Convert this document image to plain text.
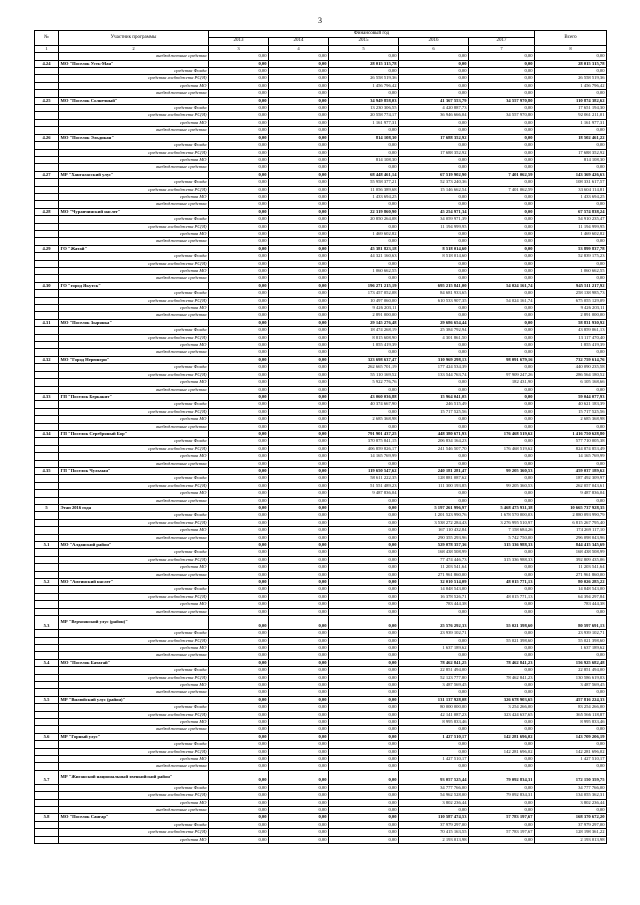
3
№	Участник программы	Финансовый год					Всего
		2013	2014	2015	2016	2017	
1	2	3	4	5	6	7	8
	внебюджетные средства	0,00	0,00	0,00	0,00	0,00	0,00
4.24	МО "Поселок Усть-Мая"	0,00	0,00	28 015 315,78	0,00	0,00	28 015 315,78
	средства Фонда	0,00	0,00	0,00	0,00	0,00	0,00
	средства госбюджета РС(Я)	0,00	0,00	26 558 519,36	0,00	0,00	26 558 519,36
	средства МО	0,00	0,00	1 456 796,42	0,00	0,00	1 456 796,42
	внебюджетные средства	0,00	0,00	0,00	0,00	0,00	0,00
4.25	МО "Поселок Солнечный"	0,00	0,00	34 949 858,03	41 367 553,79	34 557 970,80	110 874 382,62
	средства Фонда	0,00	0,00	13 230 306,55	4 420 887,73	0,00	17 651 194,30
	средства госбюджета РС(Я)	0,00	0,00	20 558 774,17	36 946 666,04	34 557 970,80	92 061 211,01
	средства МО	0,00	0,00	1 161 977,31	0,00	0,00	1 161 977,31
	внебюджетные средства	0,00	0,00	0,00	0,00	0,00	0,00
4.26	МО "Поселок Эльдикан"	0,00	0,00	814 108,30	17 688 352,92	0,00	18 502 461,22
	средства Фонда	0,00	0,00	0,00	0,00	0,00	0,00
	средства госбюджета РС(Я)	0,00	0,00	0,00	17 688 352,92	0,00	17 688 352,92
	средства МО	0,00	0,00	814 108,30	0,00	0,00	814 108,30
	внебюджетные средства	0,00	0,00	0,00	0,00	0,00	0,00
4.27	МР "Хангаласский улус"	0,00	0,00	68 448 461,14	67 519 902,90	7 401 062,59	143 369 426,63
	средства Фонда	0,00	0,00	55 958 377,21	52 373 240,36	0,00	108 331 617,57
	средства госбюджета РС(Я)	0,00	0,00	11 056 389,68	15 146 662,54	7 401 062,59	33 604 114,81
	средства МО	0,00	0,00	1 433 694,25	0,00	0,00	1 433 694,25
	внебюджетные средства	0,00	0,00	0,00	0,00	0,00	0,00
4.28	МО "Чурапчинский наслег"	0,00	0,00	22 319 860,90	45 254 971,34	0,00	67 574 838,24
	средства Фонда	0,00	0,00	20 850 264,08	34 059 971,39	0,00	54 910 235,47
	средства госбюджета РС(Я)	0,00	0,00	0,00	11 194 999,95	0,00	11 194 999,95
	средства МО	0,00	0,00	1 469 602,82	0,00	0,00	1 469 602,82
	внебюджетные средства	0,00	0,00	0,00	0,00	0,00	0,00
4.29	ГО "Жатай"	0,00	0,00	45 381 823,18	8 518 014,60	0,00	53 899 837,78
	средства Фонда	0,00	0,00	44 321 160,63	8 518 014,60	0,00	52 839 175,23
	средства госбюджета РС(Я)	0,00	0,00	0,00	0,00	0,00	0,00
	средства МО	0,00	0,00	1 060 662,55	0,00	0,00	1 060 662,55
	внебюджетные средства	0,00	0,00	0,00	0,00	0,00	0,00
4.30	ГО "город Якутск"	0,00	0,00	196 271 215,19	695 215 841,00	54 024 161,74	945 511 217,92
	средства Фонда	0,00	0,00	173 457 052,08	84 681 933,65	0,00	258 138 985,73
	средства госбюджета РС(Я)	0,00	0,00	10 497 060,00	610 533 907,35	54 024 161,74	675 055 129,09
	средства МО	0,00	0,00	9 426 203,11	0,00	0,00	9 426 203,11
	внебюджетные средства	0,00	0,00	2 891 000,00	0,00	0,00	2 891 000,00
4.31	МО "Поселок Зырянка"	0,00	0,00	29 145 276,48	29 686 654,44	0,00	58 831 930,92
	средства Фонда	0,00	0,00	18 474 268,19	25 384 792,94	0,00	43 859 061,13
	средства госбюджета РС(Я)	0,00	0,00	8 815 608,90	4 301 861,50	0,00	13 117 470,40
	средства МО	0,00	0,00	1 855 419,39	0,00	0,00	1 855 419,39
	внебюджетные средства	0,00	0,00	0,00	0,00	0,00	0,00
4.32	МО "Город Нерюнгри"	0,00	0,00	323 698 637,47	310 969 298,13	98 091 679,16	732 759 614,76
	средства Фонда	0,00	0,00	262 665 701,19	177 424 534,39	0,00	440 090 235,58
	средства госбюджета РС(Я)	0,00	0,00	55 110 169,52	133 544 763,74	97 909 247,26	286 564 180,52
	средства МО	0,00	0,00	5 922 776,76	0,00	182 431,90	6 105 168,66
	внебюджетные средства	0,00	0,00	0,00	0,00	0,00	0,00
4.33	ГП "Поселок Беркакит"	0,00	0,00	43 060 036,88	15 964 041,05	0,00	59 044 077,93
	средства Фонда	0,00	0,00	40 374 667,90	246 515,49	0,00	40 621 183,39
	средства госбюджета РС(Я)	0,00	0,00	0,00	15 717 525,56	0,00	15 717 525,56
	средства МО	0,00	0,00	2 685 368,98	0,00	0,00	2 685 368,98
	внебюджетные средства	0,00	0,00	0,00	0,00	0,00	0,00
4.34	ГП "Поселок Серебряный Бор"	0,00	0,00	791 901 437,25	448 380 671,93	176 468 519,62	1 416 750 628,80
	средства Фонда	0,00	0,00	370 875 841,15	206 834 164,23	0,00	577 710 005,38
	средства госбюджета РС(Я)	0,00	0,00	406 859 826,17	241 546 507,70	176 468 519,62	824 874 853,49
	средства МО	0,00	0,00	14 165 769,99	0,00	0,00	14 165 769,99
	внебюджетные средства	0,00	0,00	0,00	0,00	0,00	0,00
4.35	ГП "Поселок Чульман"	0,00	0,00	119 650 547,62	240 181 281,47	99 205 360,53	459 037 189,62
	средства Фонда	0,00	0,00	58 611 222,35	128 881 087,62	0,00	187 492 309,97
	средства госбюджета РС(Я)	0,00	0,00	51 551 489,23	111 300 193,85	99 205 360,53	262 057 043,61
	средства МО	0,00	0,00	9 487 836,04	0,00	0,00	9 487 836,04
	внебюджетные средства	0,00	0,00	0,00	0,00	0,00	0,00
5	Этап 2016 года	0,00	0,00	0,00	5 197 261 996,97	5 468 475 931,38	10 665 737 928,35
	средства Фонда	0,00	0,00	0,00	1 201 523 990,76	1 678 570 000,03	2 880 093 990,79
	средства госбюджета РС(Я)	0,00	0,00	0,00	3 538 272 284,43	3 276 995 510,97	6 815 267 795,40
	средства МО	0,00	0,00	0,00	167 110 432,84	7 158 684,26	174 269 117,10
	внебюджетные средства	0,00	0,00	0,00	290 355 293,96	5 742 750,00	296 098 043,96
5.1	МО "Алданский район"	0,00	0,00	0,00	529 078 357,36	315 336 988,33	844 415 345,69
	средства Фонда	0,00	0,00	0,00	168 438 508,99	0,00	168 438 508,99
	средства госбюджета РС(Я)	0,00	0,00	0,00	77 474 446,73	315 336 988,33	392 809 435,06
	средства МО	0,00	0,00	0,00	11 203 541,64	0,00	11 203 541,64
	внебюджетные средства	0,00	0,00	0,00	271 961 860,00	0,00	271 961 860,00
5.2	МО "Амгинский наслег"	0,00	0,00	0,00	32 010 514,09	48 015 771,13	80 026 285,22
	средства Фонда	0,00	0,00	0,00	14 848 543,00	0,00	14 848 543,00
	средства госбюджета РС(Я)	0,00	0,00	0,00	16 378 526,71	48 015 771,13	64 394 297,84
	средства МО	0,00	0,00	0,00	783 444,38	0,00	783 444,38
	внебюджетные средства	0,00	0,00	0,00	0,00	0,00	0,00
5.3	МР "Верхоянский улус (район)"	0,00	0,00	0,00	25 576 292,33	55 021 398,60	80 597 691,13
	средства Фонда	0,00	0,00	0,00	23 939 102,71	0,00	23 939 102,71
	средства госбюджета РС(Я)	0,00	0,00	0,00	0,00	55 021 398,60	55 021 398,60
	средства МО	0,00	0,00	0,00	1 637 189,62	0,00	1 637 189,62
	внебюджетные средства	0,00	0,00	0,00	0,00	0,00	0,00
5.4	МО "Поселок Батагай"	0,00	0,00	0,00	78 462 841,25	78 462 841,23	156 925 682,48
	средства Фонда	0,00	0,00	0,00	22 851 494,00	0,00	22 851 494,00
	средства госбюджета РС(Я)	0,00	0,00	0,00	52 123 777,80	78 462 841,23	130 586 619,03
	средства МО	0,00	0,00	0,00	3 487 569,45	0,00	3 487 569,45
	внебюджетные средства	0,00	0,00	0,00	0,00	0,00	0,00
5.5	МР "Вилюйский улус (район)"	0,00	0,00	0,00	131 137 928,08	326 678 903,65	457 816 224,33
	средства Фонда	0,00	0,00	0,00	80 000 000,00	3 254 266,00	83 254 266,00
	средства госбюджета РС(Я)	0,00	0,00	0,00	42 141 087,23	323 424 637,65	365 566 118,87
	средства МО	0,00	0,00	0,00	8 995 833,46	0,00	8 995 833,46
	внебюджетные средства	0,00	0,00	0,00	0,00	0,00	0,00
5.6	МР "Горный улус"	0,00	0,00	0,00	1 427 510,17	142 281 696,02	143 709 206,19
	средства Фонда	0,00	0,00	0,00	0,00	0,00	0,00
	средства госбюджета РС(Я)	0,00	0,00	0,00	0,00	142 281 696,02	142 281 696,02
	средства МО	0,00	0,00	0,00	1 427 510,17	0,00	1 427 510,17
	внебюджетные средства	0,00	0,00	0,00	0,00	0,00	0,00
5.7	МР "Жиганский национальный эвенкийский район"	0,00	0,00	0,00	93 057 525,44	79 092 834,31	172 150 359,75
	средства Фонда	0,00	0,00	0,00	34 777 766,00	0,00	34 777 766,00
	средства госбюджета РС(Я)	0,00	0,00	0,00	54 962 528,00	79 092 834,31	134 055 362,31
	средства МО	0,00	0,00	0,00	3 802 236,44	0,00	3 802 236,44
	внебюджетные средства	0,00	0,00	0,00	0,00	0,00	0,00
5.8	МО "Поселок Сангар"	0,00	0,00	0,00	110 587 474,53	57 783 197,67	168 370 672,20
	средства Фонда	0,00	0,00	0,00	37 979 297,00	0,00	37 979 297,00
	средства госбюджета РС(Я)	0,00	0,00	0,00	70 415 163,55	57 783 197,67	128 198 361,22
	средства МО	0,00	0,00	0,00	2 193 013,98	0,00	2 193 013,98
